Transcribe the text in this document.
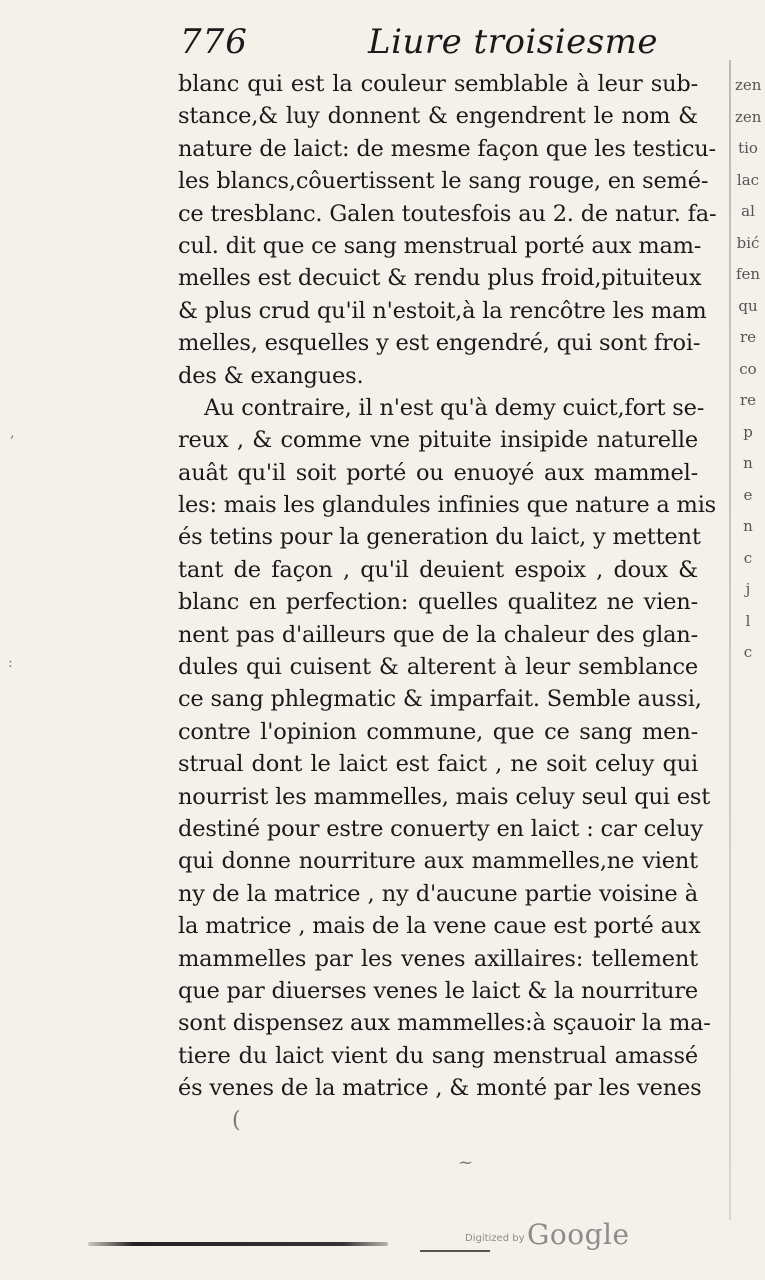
776	Liure troisiesme
blanc qui est la couleur semblable à leur sub-
stance,& luy donnent & engendrent le nom &
nature de laict: de mesme façon que les testicu-
les blancs,côuertissent le sang rouge, en semé-
ce tresblanc. Galen toutesfois au 2. de natur. fa-
cul. dit que ce sang menstrual porté aux mam-
melles est decuict & rendu plus froid,pituiteux
& plus crud qu'il n'estoit,à la rencôtre les mam
melles, esquelles y est engendré, qui sont froi-
des & exangues.
Au contraire, il n'est qu'à demy cuict,fort se-
reux , & comme vne pituite insipide naturelle
auât qu'il soit porté ou enuoyé aux mammel-
les: mais les glandules infinies que nature a mis
és tetins pour la generation du laict, y mettent
tant de façon , qu'il deuient espoix , doux &
blanc en perfection: quelles qualitez ne vien-
nent pas d'ailleurs que de la chaleur des glan-
dules qui cuisent & alterent à leur semblance
ce sang phlegmatic & imparfait. Semble aussi,
contre l'opinion commune, que ce sang men-
strual dont le laict est faict , ne soit celuy qui
nourrist les mammelles, mais celuy seul qui est
destiné pour estre conuerty en laict : car celuy
qui donne nourriture aux mammelles,ne vient
ny de la matrice , ny d'aucune partie voisine à
la matrice , mais de la vene caue est porté aux
mammelles par les venes axillaires: tellement
que par diuerses venes le laict & la nourriture
sont dispensez aux mammelles:à sçauoir la ma-
tiere du laict vient du sang menstrual amassé
és venes de la matrice , & monté par les venes
zen
zen
tio
lac
al
bić
fen
qu
re
co
re
p
n
e
n
c
j
l
c
‚
:
(
~
Digitized by Google
